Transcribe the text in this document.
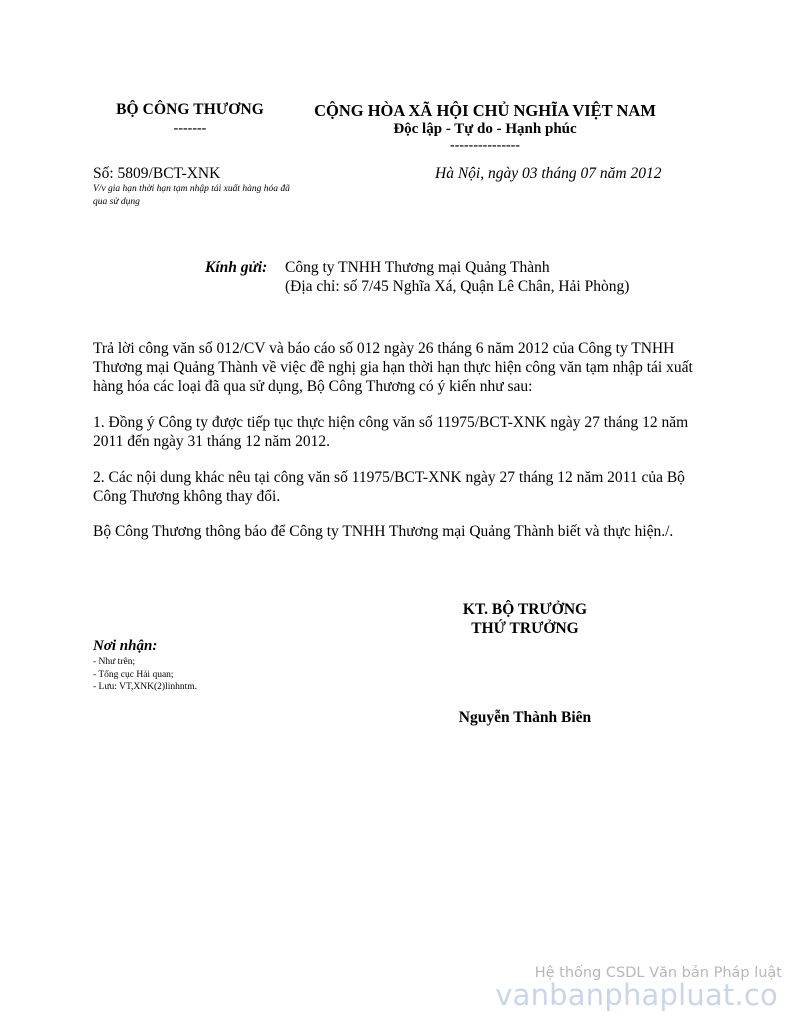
BỘ CÔNG THƯƠNG
-------
CỘNG HÒA XÃ HỘI CHỦ NGHĨA VIỆT NAM
Độc lập - Tự do - Hạnh phúc
---------------
Số: 5809/BCT-XNK
V/v gia hạn thời hạn tạm nhập tái xuất hàng hóa đã qua sử dụng
Hà Nội, ngày 03 tháng 07 năm 2012
Kính gửi: Công ty TNHH Thương mại Quảng Thành
(Địa chỉ: số 7/45 Nghĩa Xá, Quận Lê Chân, Hải Phòng)
Trả lời công văn số 012/CV và báo cáo số 012 ngày 26 tháng 6 năm 2012 của Công ty TNHH Thương mại Quảng Thành về việc đề nghị gia hạn thời hạn thực hiện công văn tạm nhập tái xuất hàng hóa các loại đã qua sử dụng, Bộ Công Thương có ý kiến như sau:
1. Đồng ý Công ty được tiếp tục thực hiện công văn số 11975/BCT-XNK ngày 27 tháng 12 năm 2011 đến ngày 31 tháng 12 năm 2012.
2. Các nội dung khác nêu tại công văn số 11975/BCT-XNK ngày 27 tháng 12 năm 2011 của Bộ Công Thương không thay đổi.
Bộ Công Thương thông báo để Công ty TNHH Thương mại Quảng Thành biết và thực hiện./.
KT. BỘ TRƯỞNG
THỨ TRƯỞNG
Nguyễn Thành Biên
Nơi nhận:
- Như trên;
- Tổng cục Hải quan;
- Lưu: VT,XNK(2)linhntm.
Hệ thống CSDL Văn bản Pháp luật
vanbanphapluat.co
